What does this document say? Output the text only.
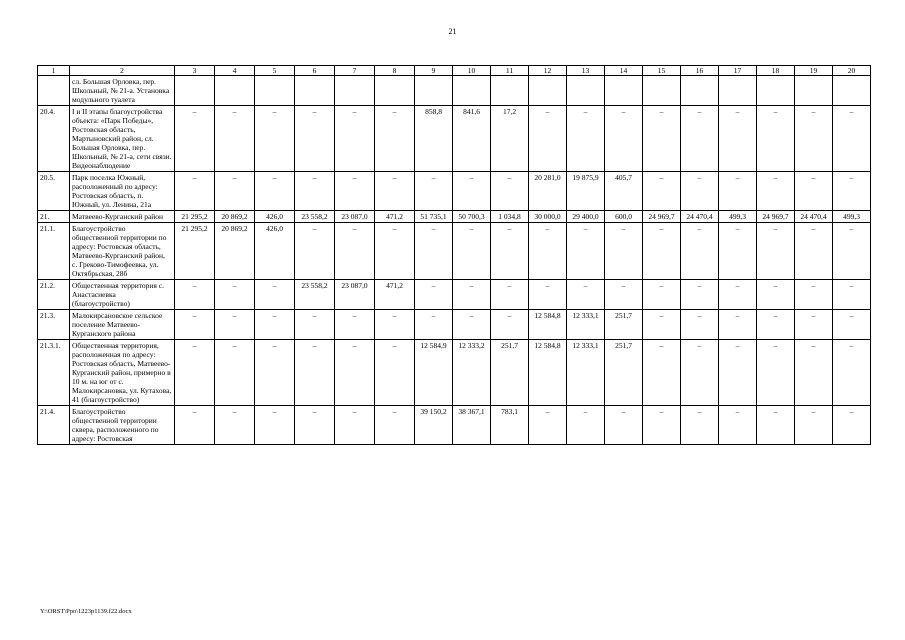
21
1	2	3	4	5	6	7	8	9	10	11	12	13	14	15	16	17	18	19	20
	сл. Большая Орловка, пер. Школьный, № 21-а. Установка модульного туалета																		
20.4.	I и II этапы благоустройства объекта: «Парк Победы», Ростовская область, Мартыновский район, сл. Большая Орловка, пер. Школьный, № 21-а, сети связи. Видеонаблюдение	–	–	–	–	–	–	858,8	841,6	17,2	–	–	–	–	–	–	–	–	–
20.5.	Парк поселка Южный, расположенный по адресу: Ростовская область, п. Южный, ул. Ленина, 21а	–	–	–	–	–	–	–	–	–	20 281,0	19 875,9	405,7	–	–	–	–	–	–
21.	Матвеево-Курганский район	21 295,2	20 869,2	426,0	23 558,2	23 087,0	471,2	51 735,1	50 700,3	1 034,8	30 000,0	29 400,0	600,0	24 969,7	24 470,4	499,3	24 969,7	24 470,4	499,3
21.1.	Благоустройство общественной территории по адресу: Ростовская область, Матвеево-Курганский район, с. Греково-Тимофеевка, ул. Октябрьская, 28б	21 295,2	20 869,2	426,0	–	–	–	–	–	–	–	–	–	–	–	–	–	–	–
21.2.	Общественная территория с. Анастасиевка (благоустройство)	–	–	–	23 558,2	23 087,0	471,2	–	–	–	–	–	–	–	–	–	–	–	–
21.3.	Малокирсановское сельское поселение Матвеево-Курганского района	–	–	–	–	–	–	–	–	–	12 584,8	12 333,1	251,7	–	–	–	–	–	–
21.3.1.	Общественная территория, расположенная по адресу: Ростовская область, Матвеево-Курганский район, примерно в 10 м. на юг от с. Малокирсановка, ул. Кутахова, 41 (благоустройство)	–	–	–	–	–	–	12 584,9	12 333,2	251,7	12 584,8	12 333,1	251,7	–	–	–	–	–	–
21.4.	Благоустройство общественной территории сквера, расположенного по адресу: Ростовская	–	–	–	–	–	–	39 150,2	38 367,1	783,1	–	–	–	–	–	–	–	–	–
Y:\ORST\Ppo\1223p1139.f22.docx
